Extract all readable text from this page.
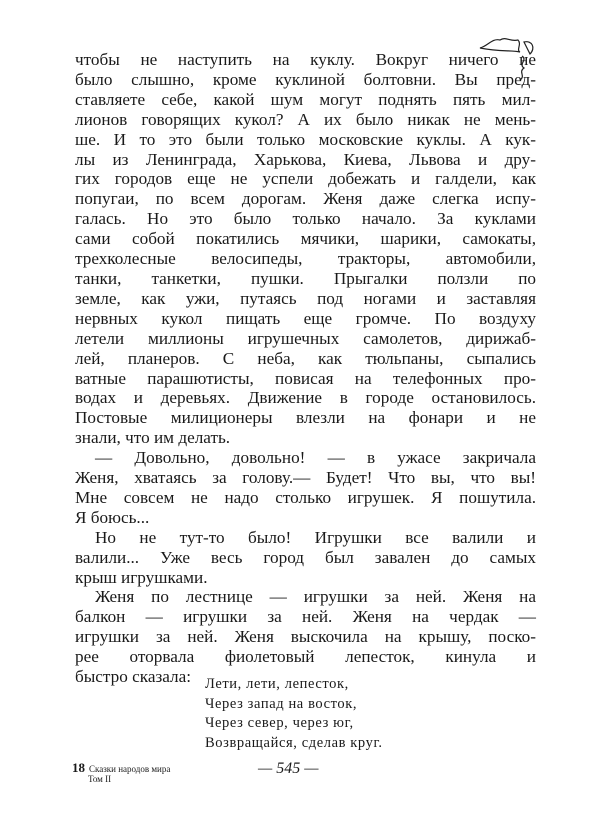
чтобы не наступить на куклу. Вокруг ничего не
было слышно, кроме куклиной болтовни. Вы пред-
ставляете себе, какой шум могут поднять пять мил-
лионов говорящих кукол? А их было никак не мень-
ше. И то это были только московские куклы. А кук-
лы из Ленинграда, Харькова, Киева, Львова и дру-
гих городов еще не успели добежать и галдели, как
попугаи, по всем дорогам. Женя даже слегка испу-
галась. Но это было только начало. За куклами
сами собой покатились мячики, шарики, самокаты,
трехколесные велосипеды, тракторы, автомобили,
танки, танкетки, пушки. Прыгалки ползли по
земле, как ужи, путаясь под ногами и заставляя
нервных кукол пищать еще громче. По воздуху
летели миллионы игрушечных самолетов, дирижаб-
лей, планеров. С неба, как тюльпаны, сыпались
ватные парашютисты, повисая на телефонных про-
водах и деревьях. Движение в городе остановилось.
Постовые милиционеры влезли на фонари и не
знали, что им делать.
— Довольно, довольно! — в ужасе закричала
Женя, хватаясь за голову.— Будет! Что вы, что вы!
Мне совсем не надо столько игрушек. Я пошутила.
Я боюсь...
Но не тут-то было! Игрушки все валили и
валили... Уже весь город был завален до самых
крыш игрушками.
Женя по лестнице — игрушки за ней. Женя на
балкон — игрушки за ней. Женя на чердак —
игрушки за ней. Женя выскочила на крышу, поско-
рее оторвала фиолетовый лепесток, кинула и
быстро сказала: Лети, лети, лепесток,
Через запад на восток,
Через север, через юг,
Возвращайся, сделав круг.
18 Сказки народов мира
Том II
— 545 —
